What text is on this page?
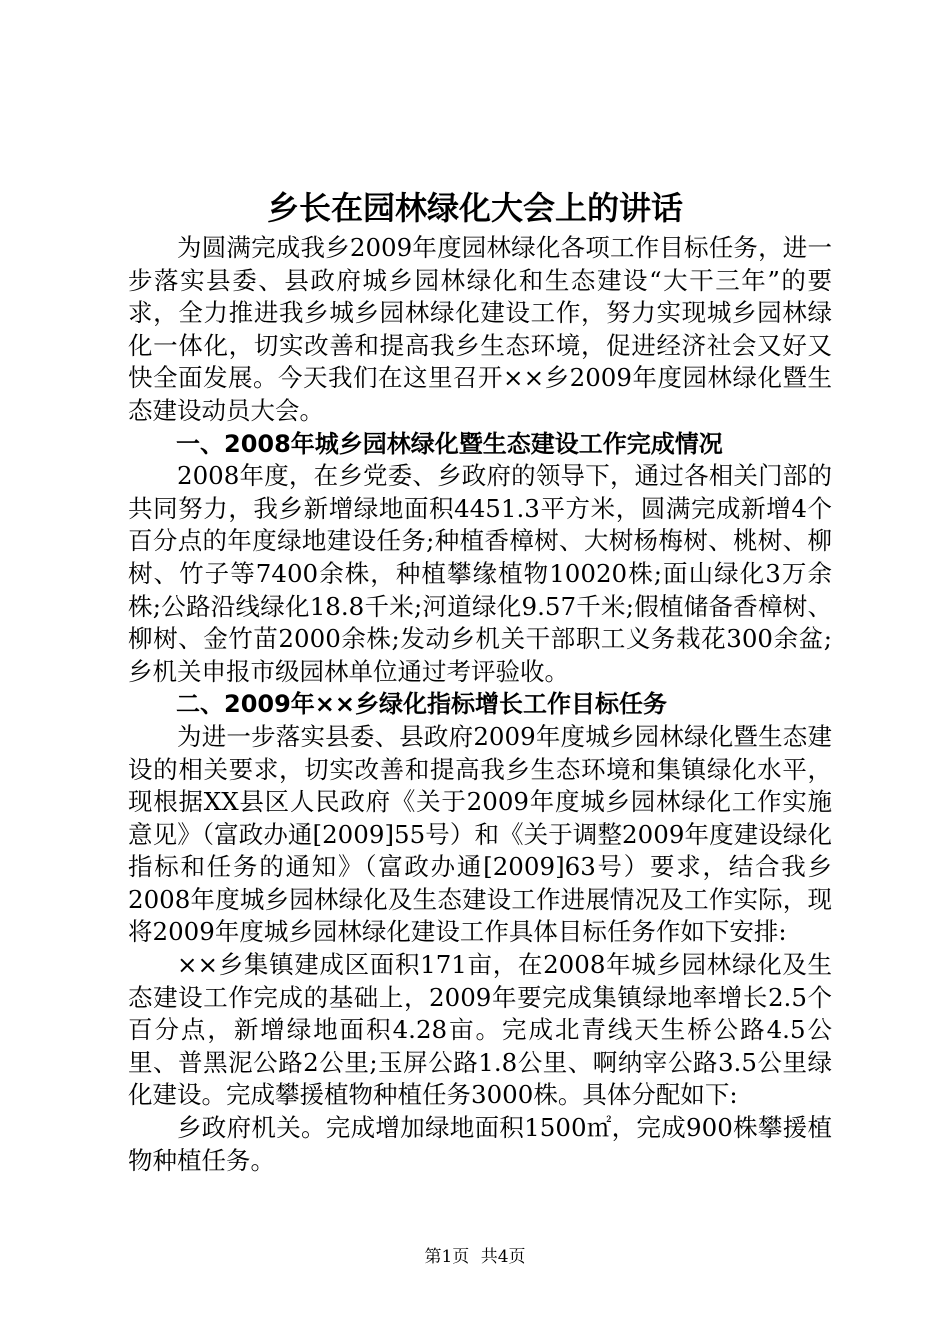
乡长在园林绿化大会上的讲话

为圆满完成我乡2009年度园林绿化各项工作目标任务，进一步落实县委、县政府城乡园林绿化和生态建设“大干三年”的要求，全力推进我乡城乡园林绿化建设工作，努力实现城乡园林绿化一体化，切实改善和提高我乡生态环境，促进经济社会又好又快全面发展。今天我们在这里召开××乡2009年度园林绿化暨生态建设动员大会。

一、2008年城乡园林绿化暨生态建设工作完成情况

2008年度，在乡党委、乡政府的领导下，通过各相关门部的共同努力，我乡新增绿地面积4451.3平方米，圆满完成新增4个百分点的年度绿地建设任务;种植香樟树、大树杨梅树、桃树、柳树、竹子等7400余株，种植攀缘植物10020株;面山绿化3万余株;公路沿线绿化18.8千米;河道绿化9.57千米;假植储备香樟树、柳树、金竹苗2000余株;发动乡机关干部职工义务栽花300余盆;乡机关申报市级园林单位通过考评验收。

二、2009年××乡绿化指标增长工作目标任务

为进一步落实县委、县政府2009年度城乡园林绿化暨生态建设的相关要求，切实改善和提高我乡生态环境和集镇绿化水平，现根据XX县区人民政府《关于2009年度城乡园林绿化工作实施意见》（富政办通[2009]55号）和《关于调整2009年度建设绿化指标和任务的通知》（富政办通[2009]63号）要求，结合我乡2008年度城乡园林绿化及生态建设工作进展情况及工作实际，现将2009年度城乡园林绿化建设工作具体目标任务作如下安排:

××乡集镇建成区面积171亩，在2008年城乡园林绿化及生态建设工作完成的基础上，2009年要完成集镇绿地率增长2.5个百分点，新增绿地面积4.28亩。完成北青线天生桥公路4.5公里、普黑泥公路2公里;玉屏公路1.8公里、啊纳宰公路3.5公里绿化建设。完成攀援植物种植任务3000株。具体分配如下:

乡政府机关。完成增加绿地面积1500㎡，完成900株攀援植物种植任务。

第1页 共4页
